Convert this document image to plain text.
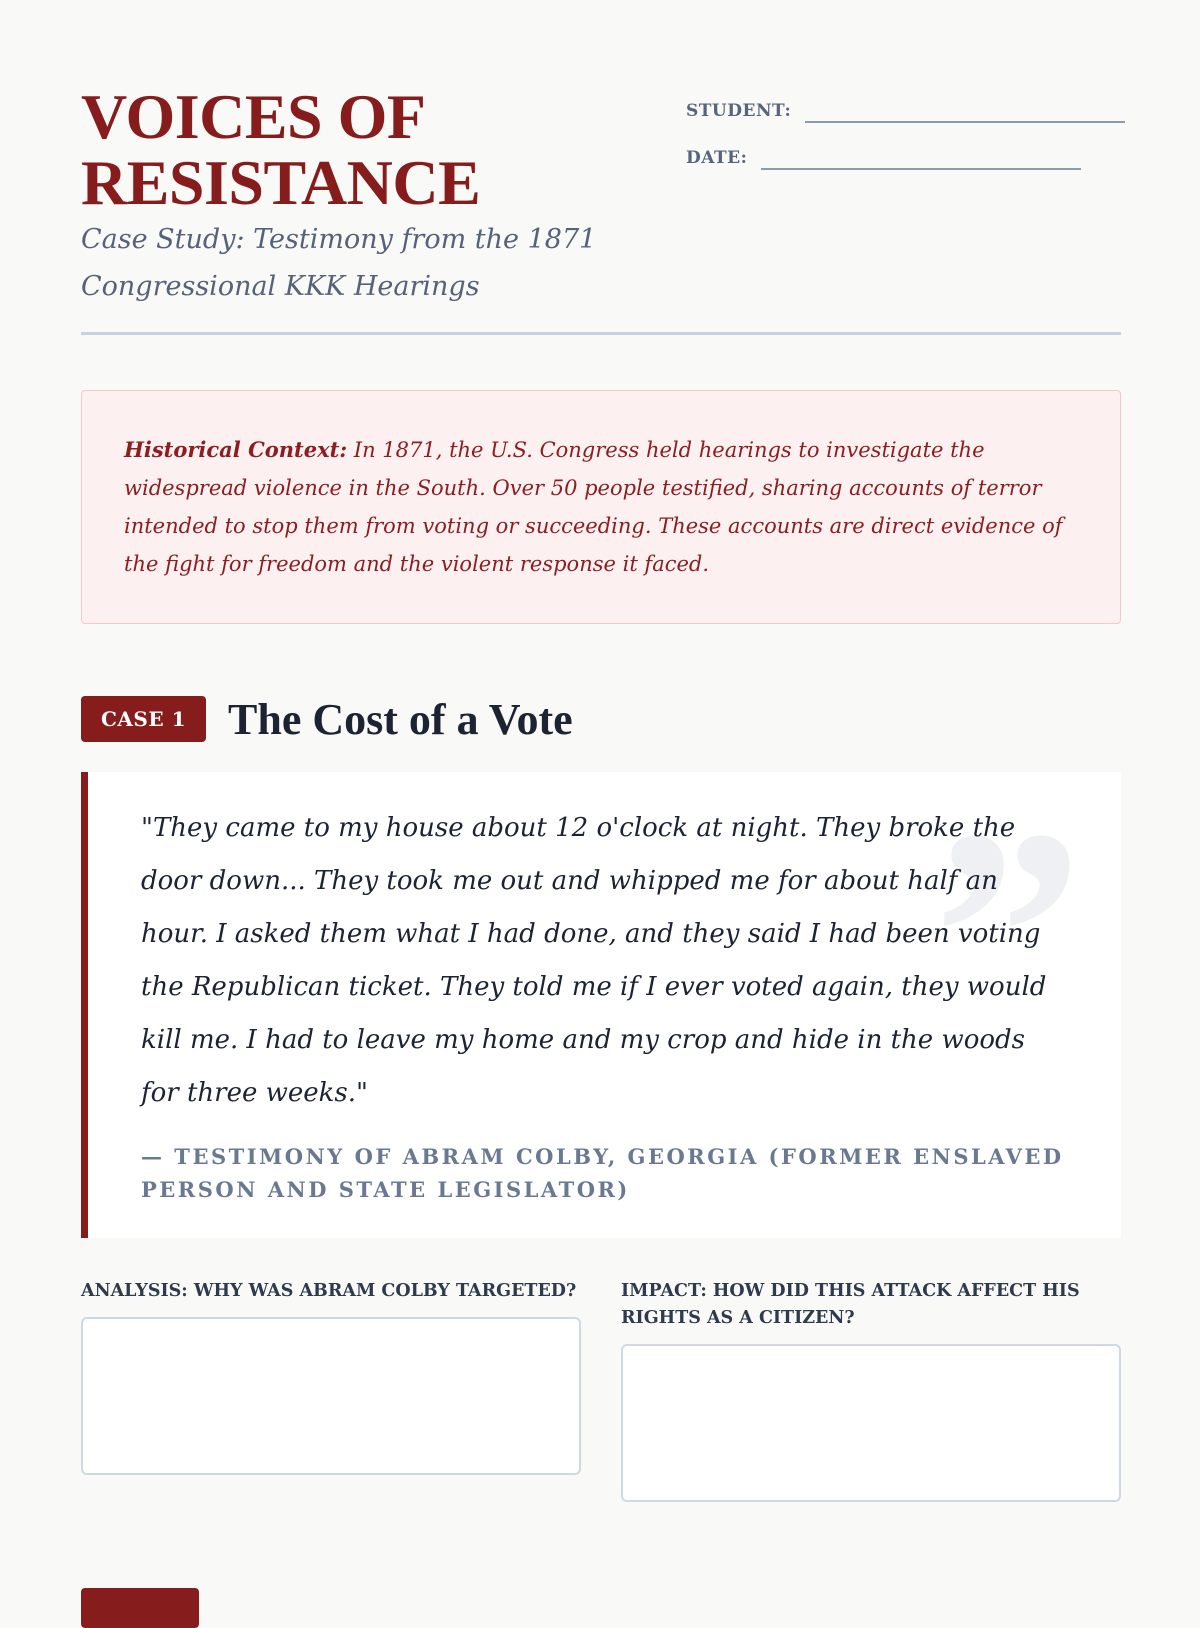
VOICES OF RESISTANCE

Case Study: Testimony from the 1871 Congressional KKK Hearings

STUDENT:
DATE:
Historical Context: In 1871, the U.S. Congress held hearings to investigate the widespread violence in the South. Over 50 people testified, sharing accounts of terror intended to stop them from voting or succeeding. These accounts are direct evidence of the fight for freedom and the violent response it faced.
CASE 1 The Cost of a Vote
”

"They came to my house about 12 o'clock at night. They broke the door down... They took me out and whipped me for about half an hour. I asked them what I had done, and they said I had been voting the Republican ticket. They told me if I ever voted again, they would kill me. I had to leave my home and my crop and hide in the woods for three weeks."

— TESTIMONY OF ABRAM COLBY, GEORGIA (FORMER ENSLAVED PERSON AND STATE LEGISLATOR)
ANALYSIS: WHY WAS ABRAM COLBY TARGETED?	IMPACT: HOW DID THIS ATTACK AFFECT HIS RIGHTS AS A CITIZEN?
